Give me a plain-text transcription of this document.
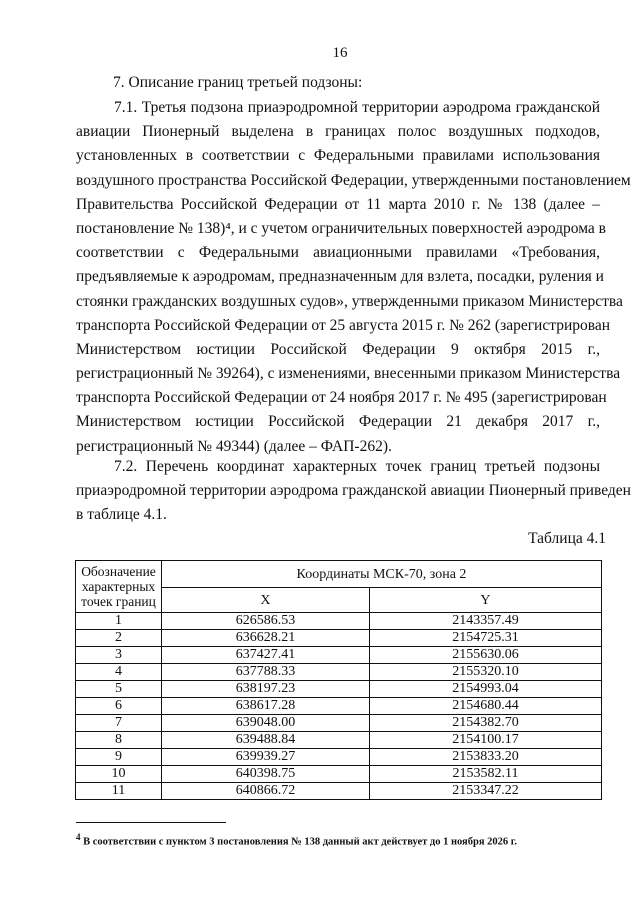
16
7. Описание границ третьей подзоны:
7.1. Третья подзона приаэродромной территории аэродрома гражданской
авиации Пионерный выделена в границах полос воздушных подходов,
установленных в соответствии с Федеральными правилами использования
воздушного пространства Российской Федерации, утвержденными постановлением
Правительства Российской Федерации от 11 марта 2010 г. № 138 (далее –
постановление № 138)⁴, и с учетом ограничительных поверхностей аэродрома в
соответствии с Федеральными авиационными правилами «Требования,
предъявляемые к аэродромам, предназначенным для взлета, посадки, руления и
стоянки гражданских воздушных судов», утвержденными приказом Министерства
транспорта Российской Федерации от 25 августа 2015 г. № 262 (зарегистрирован
Министерством юстиции Российской Федерации 9 октября 2015 г.,
регистрационный № 39264), с изменениями, внесенными приказом Министерства
транспорта Российской Федерации от 24 ноября 2017 г. № 495 (зарегистрирован
Министерством юстиции Российской Федерации 21 декабря 2017 г.,
регистрационный № 49344) (далее – ФАП-262).
7.2. Перечень координат характерных точек границ третьей подзоны
приаэродромной территории аэродрома гражданской авиации Пионерный приведен
в таблице 4.1.
Таблица 4.1
Обозначение характерных точек границ	Координаты МСК-70, зона 2	
	X	Y
1	626586.53	2143357.49
2	636628.21	2154725.31
3	637427.41	2155630.06
4	637788.33	2155320.10
5	638197.23	2154993.04
6	638617.28	2154680.44
7	639048.00	2154382.70
8	639488.84	2154100.17
9	639939.27	2153833.20
10	640398.75	2153582.11
11	640866.72	2153347.22
$^4$ В соответствии с пунктом 3 постановления № 138 данный акт действует до 1 ноября 2026 г.
